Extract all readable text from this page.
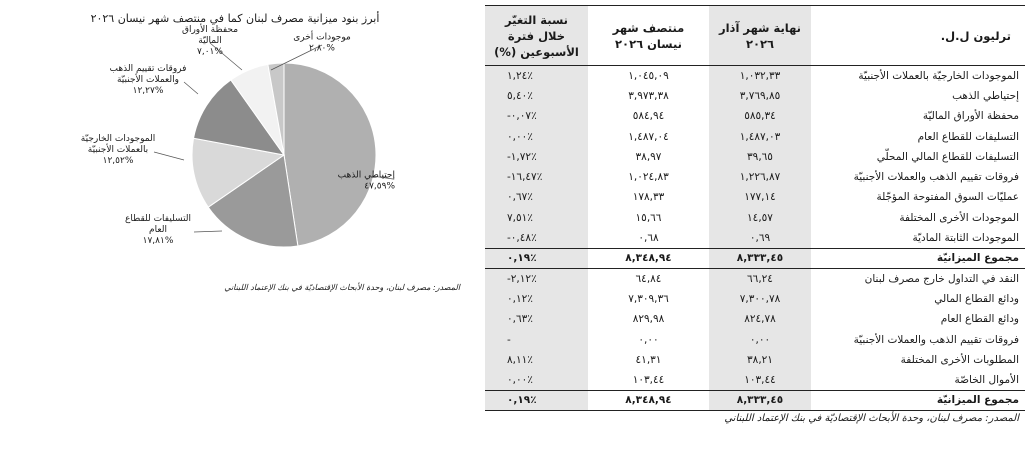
إحتياطي الذهب
%٤٧,٥٩
التسليفات للقطاع
العام
%١٧,٨١
الموجودات الخارجيّة
بالعملات الأجنبيّة
%١٢,٥٢
فروقات تقييم الذهب
والعملات الأجنبيّة
%١٢,٢٧
محفظة الأوراق
الماليّة
%٧,٠١
موجودات أخرى
%٢,٨٠
أبرز بنود ميزانية مصرف لبنان كما في منتصف شهر نيسان ٢٠٢٦
المصدر: مصرف لبنان، وحدة الأبحاث الإقتصاديّة في بنك الإعتماد اللبناني
ترليون ل.ل.	نهاية شهر آذار ٢٠٢٦	منتصف شهر نيسان ٢٠٢٦	نسبة التغيّر خلال فترة الأسبوعين (%)
الموجودات الخارجيّة بالعملات الأجنبيّة	١,٠٣٢,٣٣	١,٠٤٥,٠٩	١,٢٤٪
إحتياطي الذهب	٣,٧٦٩,٨٥	٣,٩٧٣,٣٨	٥,٤٠٪
محفظة الأوراق الماليّة	٥٨٥,٣٤	٥٨٤,٩٤	-٠,٠٧٪
التسليفات للقطاع العام	١,٤٨٧,٠٣	١,٤٨٧,٠٤	٠,٠٠٪
التسليفات للقطاع المالي المحلّي	٣٩,٦٥	٣٨,٩٧	-١,٧٢٪
فروقات تقييم الذهب والعملات الأجنبيّة	١,٢٢٦,٨٧	١,٠٢٤,٨٣	-١٦,٤٧٪
عمليّات السوق المفتوحة المؤجّلة	١٧٧,١٤	١٧٨,٣٣	٠,٦٧٪
الموجودات الأخرى المختلفة	١٤,٥٧	١٥,٦٦	٧,٥١٪
الموجودات الثابتة الماديّة	٠,٦٩	٠,٦٨	-٠,٤٨٪
مجموع الميزانيّة	٨,٣٣٣,٤٥	٨,٣٤٨,٩٤	٠,١٩٪
النقد في التداول خارج مصرف لبنان	٦٦,٢٤	٦٤,٨٤	-٢,١٢٪
ودائع القطاع المالي	٧,٣٠٠,٧٨	٧,٣٠٩,٣٦	٠,١٢٪
ودائع القطاع العام	٨٢٤,٧٨	٨٢٩,٩٨	٠,٦٣٪
فروقات تقييم الذهب والعملات الأجنبيّة	٠,٠٠	٠,٠٠	-
المطلوبات الأخرى المختلفة	٣٨,٢١	٤١,٣١	٨,١١٪
الأموال الخاصّة	١٠٣,٤٤	١٠٣,٤٤	٠,٠٠٪
مجموع الميزانيّة	٨,٣٣٣,٤٥	٨,٣٤٨,٩٤	٠,١٩٪
المصدر: مصرف لبنان، وحدة الأبحاث الإقتصاديّة في بنك الإعتماد اللبناني
